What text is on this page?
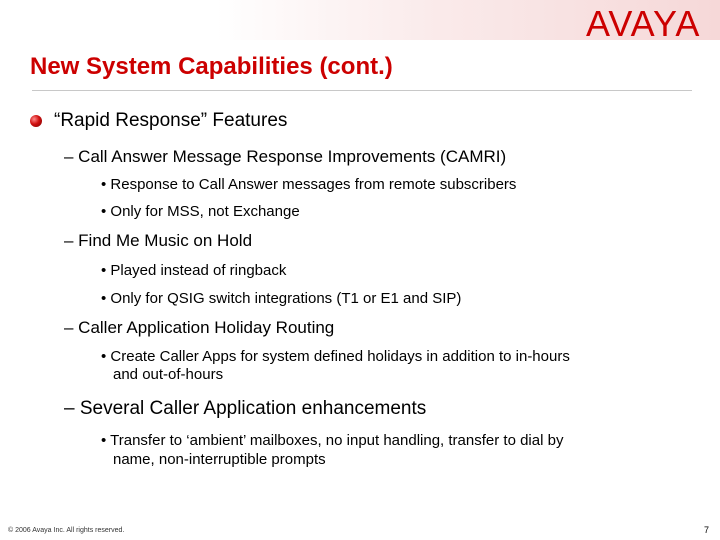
AVAYA
New System Capabilities (cont.)
“Rapid Response” Features
– Call Answer Message Response Improvements (CAMRI)
• Response to Call Answer messages from remote subscribers
• Only for MSS, not Exchange
– Find Me Music on Hold
• Played instead of ringback
• Only for QSIG switch integrations (T1 or E1 and SIP)
– Caller Application Holiday Routing
• Create Caller Apps for system defined holidays in addition to in-hours
and out-of-hours
– Several Caller Application enhancements
• Transfer to ‘ambient’ mailboxes, no input handling, transfer to dial by
name, non-interruptible prompts
© 2006 Avaya Inc. All rights reserved.	7
